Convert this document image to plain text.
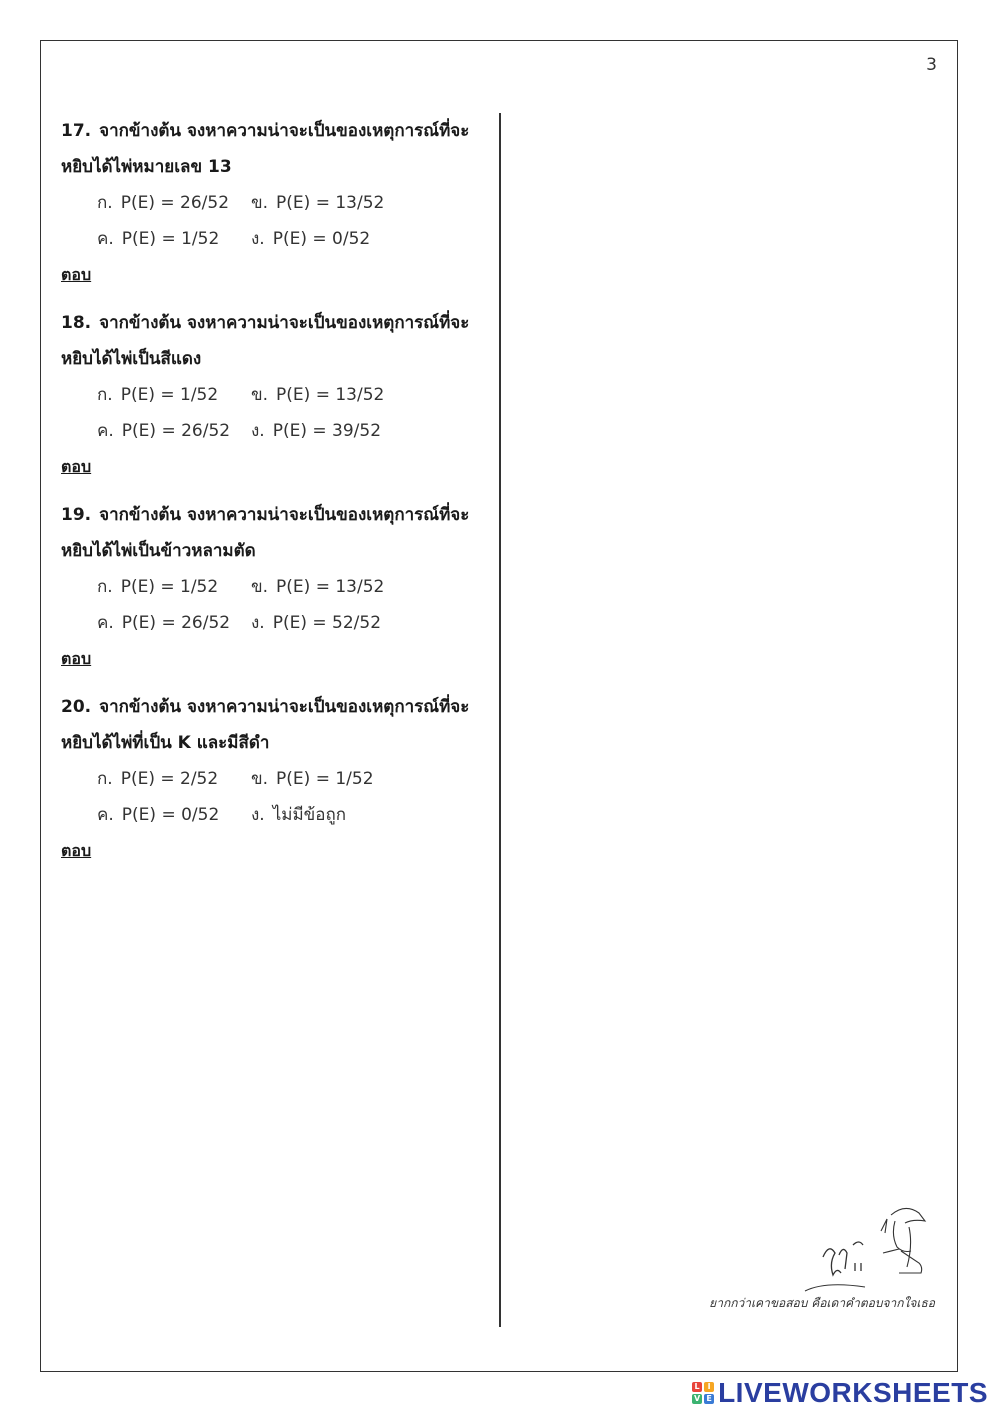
3
17. จากข้างต้น จงหาความน่าจะเป็นของเหตุการณ์ที่จะ
หยิบได้ไพ่หมายเลข 13
ก. P(E) = 26/52	ข. P(E) = 13/52
ค. P(E) = 1/52	ง. P(E) = 0/52
ตอบ
18. จากข้างต้น จงหาความน่าจะเป็นของเหตุการณ์ที่จะ
หยิบได้ไพ่เป็นสีแดง
ก. P(E) = 1/52	ข. P(E) = 13/52
ค. P(E) = 26/52	ง. P(E) = 39/52
ตอบ
19. จากข้างต้น จงหาความน่าจะเป็นของเหตุการณ์ที่จะ
หยิบได้ไพ่เป็นข้าวหลามตัด
ก. P(E) = 1/52	ข. P(E) = 13/52
ค. P(E) = 26/52	ง. P(E) = 52/52
ตอบ
20. จากข้างต้น จงหาความน่าจะเป็นของเหตุการณ์ที่จะ
หยิบได้ไพ่ที่เป็น K และมีสีดำ
ก. P(E) = 2/52	ข. P(E) = 1/52
ค. P(E) = 0/52	ง. ไม่มีข้อถูก
ตอบ
ยากกว่าเคาขอสอบ คือเดาคำตอบจากใจเธอ
L I
V E LIVEWORKSHEETS
